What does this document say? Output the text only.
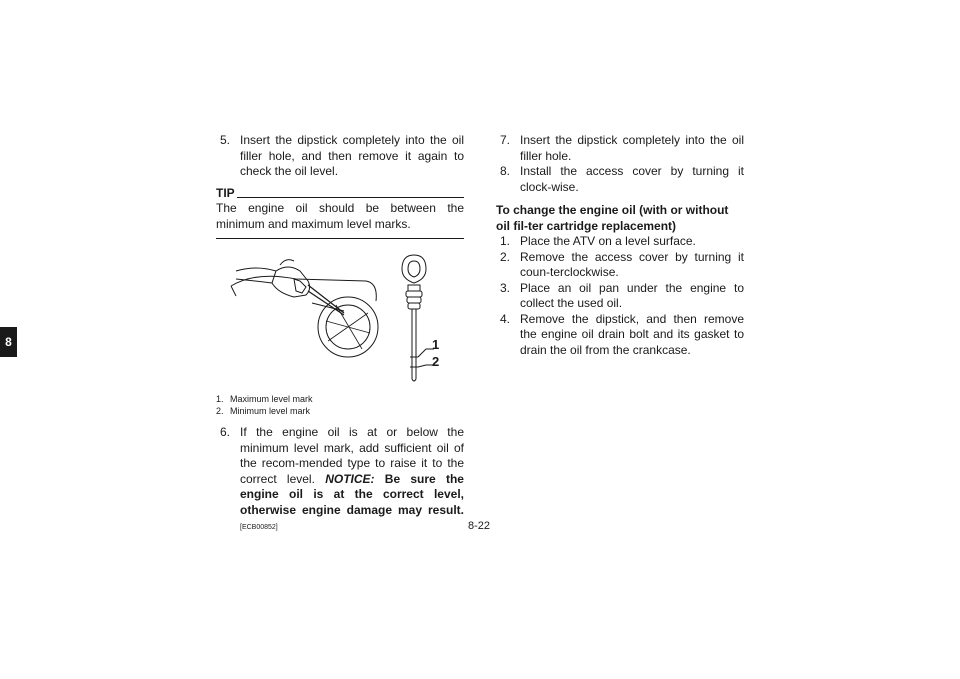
8
5. Insert the dipstick completely into the oil filler hole, and then remove it again to check the oil level.
TIP
The engine oil should be between the minimum and maximum level marks.
1
2
1. Maximum level mark
2. Minimum level mark
6. If the engine oil is at or below the minimum level mark, add sufficient oil of the recom-mended type to raise it to the correct level. NOTICE: Be sure the engine oil is at the correct level, otherwise engine damage may result. [ECB00852]
7. Insert the dipstick completely into the oil filler hole.
8. Install the access cover by turning it clock-wise.
To change the engine oil (with or without oil fil-ter cartridge replacement)
1. Place the ATV on a level surface.
2. Remove the access cover by turning it coun-terclockwise.
3. Place an oil pan under the engine to collect the used oil.
4. Remove the dipstick, and then remove the engine oil drain bolt and its gasket to drain the oil from the crankcase.
8-22
